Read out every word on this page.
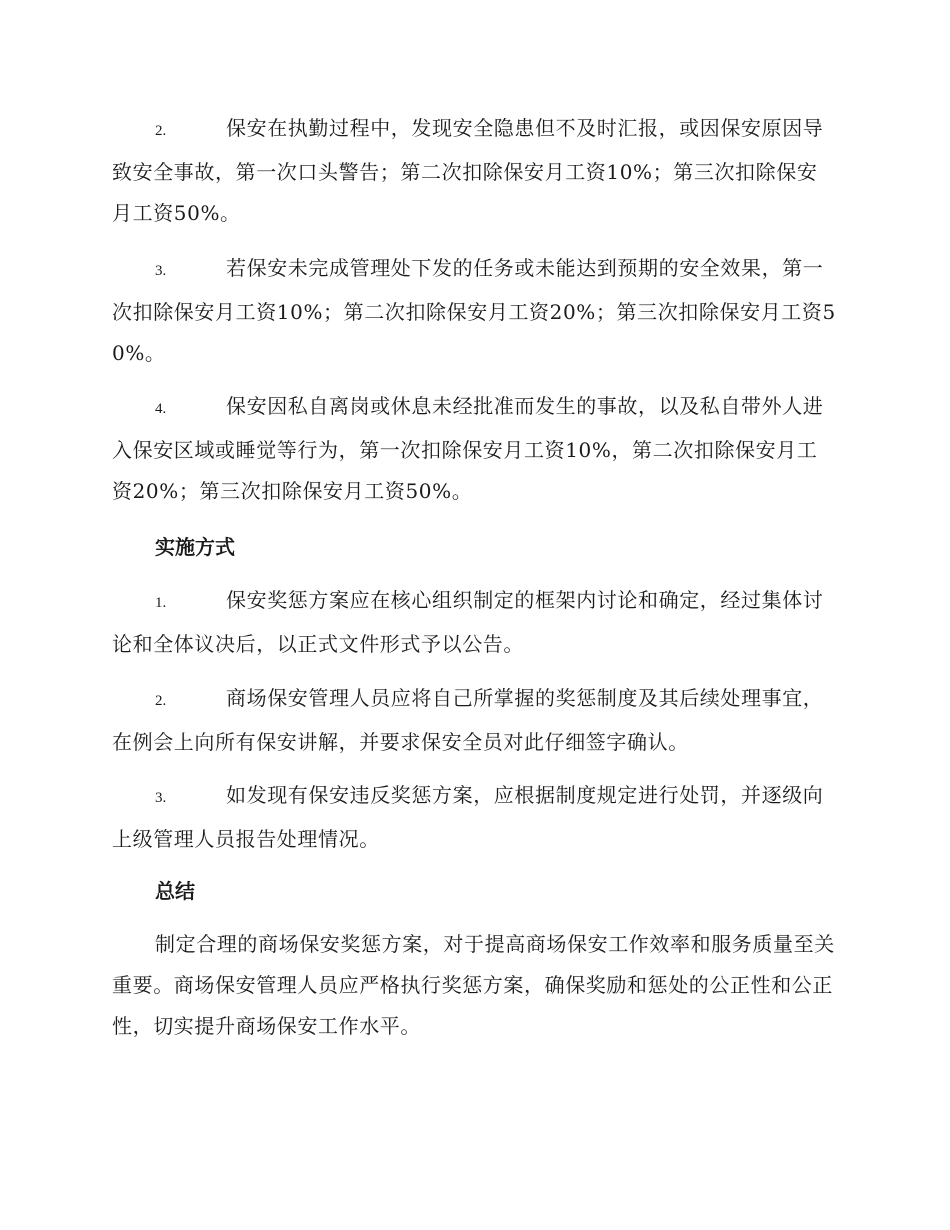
2.	保安在执勤过程中，发现安全隐患但不及时汇报，或因保安原因导致安全事故，第一次口头警告；第二次扣除保安月工资10%；第三次扣除保安月工资50%。
3.	若保安未完成管理处下发的任务或未能达到预期的安全效果，第一次扣除保安月工资10%；第二次扣除保安月工资20%；第三次扣除保安月工资50%。
4.	保安因私自离岗或休息未经批准而发生的事故，以及私自带外人进入保安区域或睡觉等行为，第一次扣除保安月工资10%，第二次扣除保安月工资20%；第三次扣除保安月工资50%。
实施方式
1.	保安奖惩方案应在核心组织制定的框架内讨论和确定，经过集体讨论和全体议决后，以正式文件形式予以公告。
2.	商场保安管理人员应将自己所掌握的奖惩制度及其后续处理事宜，在例会上向所有保安讲解，并要求保安全员对此仔细签字确认。
3.	如发现有保安违反奖惩方案，应根据制度规定进行处罚，并逐级向上级管理人员报告处理情况。
总结
制定合理的商场保安奖惩方案，对于提高商场保安工作效率和服务质量至关重要。商场保安管理人员应严格执行奖惩方案，确保奖励和惩处的公正性和公正性，切实提升商场保安工作水平。
